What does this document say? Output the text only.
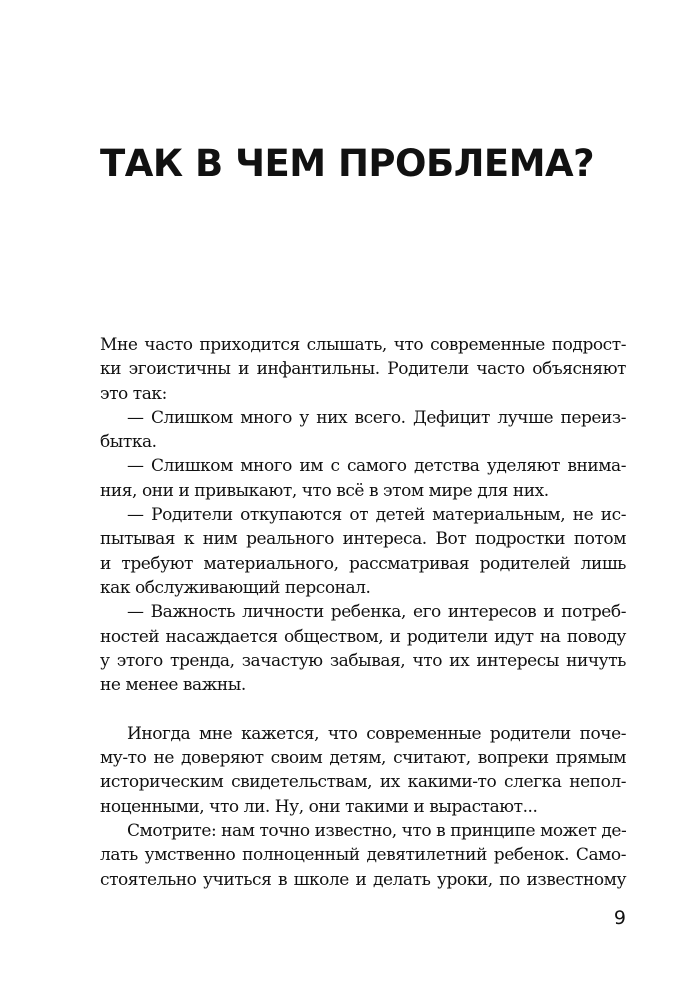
ТАК В ЧЕМ ПРОБЛЕМА?
Мне часто приходится слышать, что современные подрост-
ки эгоистичны и инфантильны. Родители часто объясняют
это так:
— Слишком много у них всего. Дефицит лучше переиз-
бытка.
— Слишком много им с самого детства уделяют внима-
ния, они и привыкают, что всё в этом мире для них.
— Родители откупаются от детей материальным, не ис-
пытывая к ним реального интереса. Вот подростки потом
и требуют материального, рассматривая родителей лишь
как обслуживающий персонал.
— Важность личности ребенка, его интересов и потреб-
ностей насаждается обществом, и родители идут на поводу
у этого тренда, зачастую забывая, что их интересы ничуть
не менее важны.
Иногда мне кажется, что современные родители поче-
му-то не доверяют своим детям, считают, вопреки прямым
историческим свидетельствам, их какими-то слегка непол-
ноценными, что ли. Ну, они такими и вырастают...
Смотрите: нам точно известно, что в принципе может де-
лать умственно полноценный девятилетний ребенок. Само-
стоятельно учиться в школе и делать уроки, по известному
9
